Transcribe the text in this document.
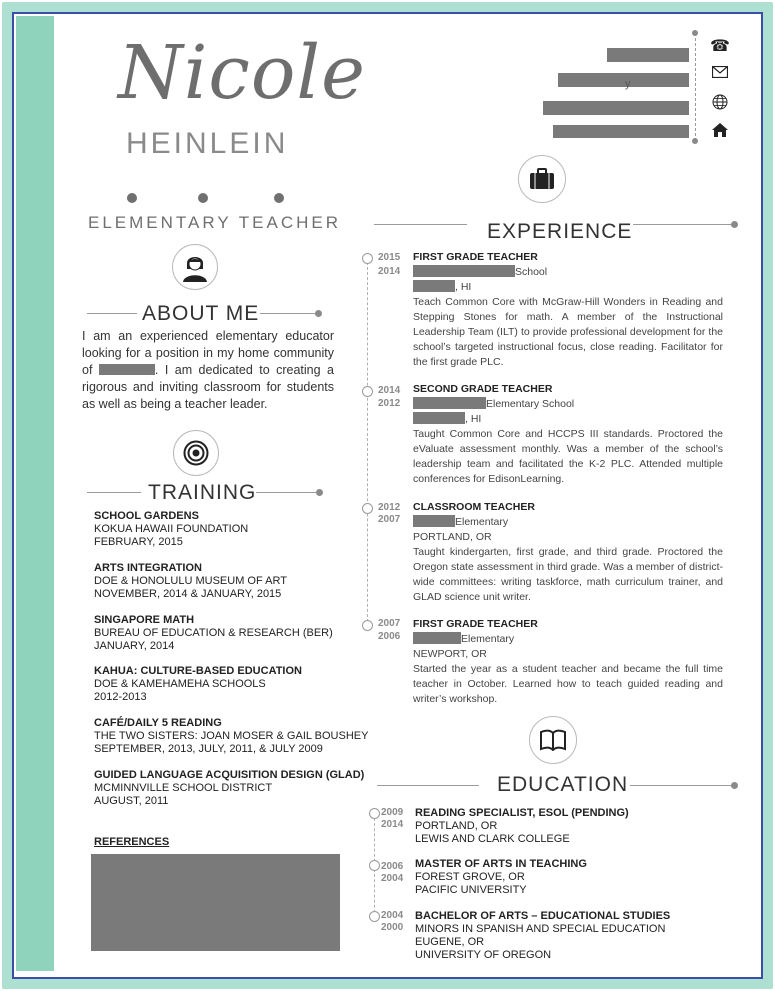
Nicole
HEINLEIN
ELEMENTARY TEACHER
y
☎
ABOUT ME
I am an experienced elementary educator looking for a position in my home community of	. I am dedicated to creating a rigorous and inviting classroom for students as well as being a teacher leader.
TRAINING
SCHOOL GARDENS
KOKUA HAWAII FOUNDATION
FEBRUARY, 2015
ARTS INTEGRATION
DOE & HONOLULU MUSEUM OF ART
NOVEMBER, 2014 & JANUARY, 2015
SINGAPORE MATH
BUREAU OF EDUCATION & RESEARCH (BER)
JANUARY, 2014
KAHUA: CULTURE-BASED EDUCATION
DOE & KAMEHAMEHA SCHOOLS
2012-2013
CAFÉ/DAILY 5 READING
THE TWO SISTERS: JOAN MOSER & GAIL BOUSHEY
SEPTEMBER, 2013, JULY, 2011, & JULY 2009
GUIDED LANGUAGE ACQUISITION DESIGN (GLAD)
MCMINNVILLE SCHOOL DISTRICT
AUGUST, 2011
REFERENCES
EXPERIENCE
2015
2014
FIRST GRADE TEACHER
School
, HI
Teach Common Core with McGraw-Hill Wonders in Reading and Stepping Stones for math. A member of the Instructional Leadership Team (ILT) to provide professional development for the school’s targeted instructional focus, close reading. Facilitator for the first grade PLC.
2014
2012
SECOND GRADE TEACHER
Elementary School
, HI
Taught Common Core and HCCPS III standards. Proctored the eValuate assessment monthly. Was a member of the school’s leadership team and facilitated the K-2 PLC. Attended multiple conferences for EdisonLearning.
2012
2007
CLASSROOM TEACHER
Elementary
PORTLAND, OR
Taught kindergarten, first grade, and third grade. Proctored the Oregon state assessment in third grade. Was a member of district-wide committees: writing taskforce, math curriculum trainer, and GLAD science unit writer.
2007
2006
FIRST GRADE TEACHER
Elementary
NEWPORT, OR
Started the year as a student teacher and became the full time teacher in October. Learned how to teach guided reading and writer’s workshop.
EDUCATION
2009
2014
READING SPECIALIST, ESOL (PENDING)
PORTLAND, OR
LEWIS AND CLARK COLLEGE
2006
2004
MASTER OF ARTS IN TEACHING
FOREST GROVE, OR
PACIFIC UNIVERSITY
2004
2000
BACHELOR OF ARTS – EDUCATIONAL STUDIES
MINORS IN SPANISH AND SPECIAL EDUCATION
EUGENE, OR
UNIVERSITY OF OREGON
